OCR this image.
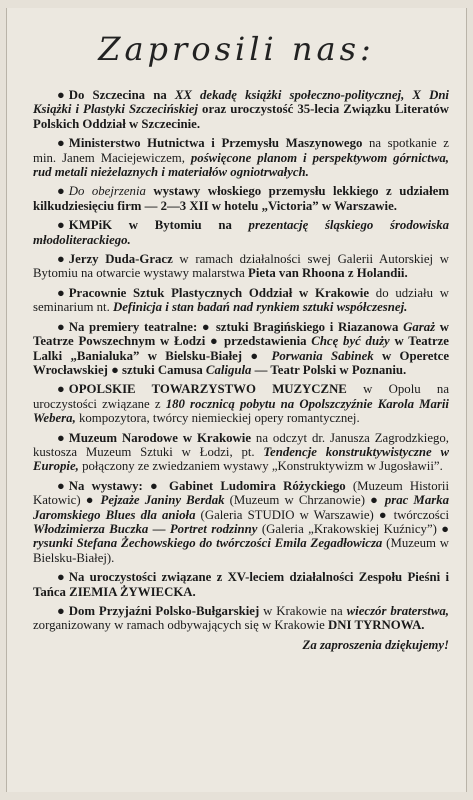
Zaprosili nas:
● Do Szczecina na XX dekadę książki społeczno-politycznej, X Dni Książki i Plastyki Szczecińskiej oraz uroczystość 35-lecia Związku Literatów Polskich Oddział w Szczecinie.
● Ministerstwo Hutnictwa i Przemysłu Maszynowego na spotkanie z min. Janem Maciejewiczem, poświęcone planom i perspektywom górnictwa, rud metali nieżelaznych i materiałów ogniotrwałych.
● Do obejrzenia wystawy włoskiego przemysłu lekkiego z udziałem kilkudziesięciu firm — 2—3 XII w hotelu „Victoria” w Warszawie.
● KMPiK w Bytomiu na prezentację śląskiego środowiska młodoliterackiego.
● Jerzy Duda-Gracz w ramach działalności swej Galerii Autorskiej w Bytomiu na otwarcie wystawy malarstwa Pieta van Rhoona z Holandii.
● Pracownie Sztuk Plastycznych Oddział w Krakowie do udziału w seminarium nt. Definicja i stan badań nad rynkiem sztuki współczesnej.
● Na premiery teatralne: ● sztuki Bragińskiego i Riazanowa Garaż w Teatrze Powszechnym w Łodzi ● przedstawienia Chcę być duży w Teatrze Lalki „Banialuka” w Bielsku-Białej ● Porwania Sabinek w Operetce Wrocławskiej ● sztuki Camusa Caligula — Teatr Polski w Poznaniu.
● OPOLSKIE TOWARZYSTWO MUZYCZNE w Opolu na uroczystości związane z 180 rocznicą pobytu na Opolszczyźnie Karola Marii Webera, kompozytora, twórcy niemieckiej opery romantycznej.
● Muzeum Narodowe w Krakowie na odczyt dr. Janusza Zagrodzkiego, kustosza Muzeum Sztuki w Łodzi, pt. Tendencje konstruktywistyczne w Europie, połączony ze zwiedzaniem wystawy „Konstruktywizm w Jugosławii”.
● Na wystawy: ● Gabinet Ludomira Różyckiego (Muzeum Historii Katowic) ● Pejzaże Janiny Berdak (Muzeum w Chrzanowie) ● prac Marka Jaromskiego Blues dla anioła (Galeria STUDIO w Warszawie) ● twórczości Włodzimierza Buczka — Portret rodzinny (Galeria „Krakowskiej Kuźnicy”) ● rysunki Stefana Żechowskiego do twórczości Emila Zegadłowicza (Muzeum w Bielsku-Białej).
● Na uroczystości związane z XV-leciem działalności Zespołu Pieśni i Tańca ZIEMIA ŻYWIECKA.
● Dom Przyjaźni Polsko-Bułgarskiej w Krakowie na wieczór braterstwa, zorganizowany w ramach odbywających się w Krakowie DNI TYRNOWA.
Za zaproszenia dziękujemy!
